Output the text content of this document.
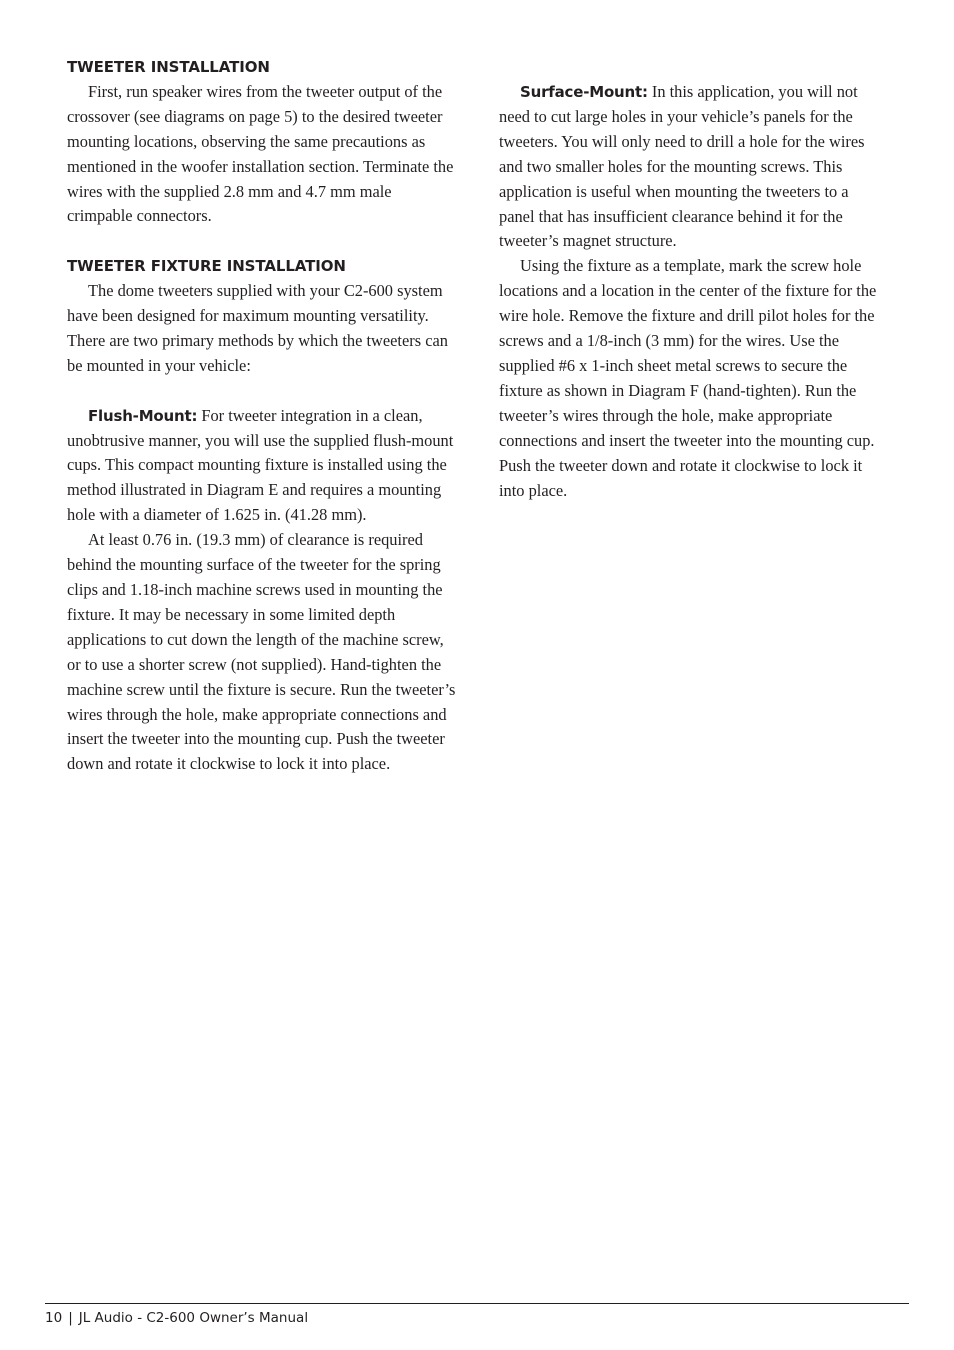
TWEETER INSTALLATION

First, run speaker wires from the tweeter output of the crossover (see diagrams on page 5) to the desired tweeter mounting locations, observing the same precautions as mentioned in the woofer installation section. Terminate the wires with the supplied 2.8 mm and 4.7 mm male crimpable connectors.

TWEETER FIXTURE INSTALLATION

The dome tweeters supplied with your C2-600 system have been designed for maximum mounting versatility. There are two primary methods by which the tweeters can be mounted in your vehicle:

Flush-Mount: For tweeter integration in a clean, unobtrusive manner, you will use the supplied flush-mount cups. This compact mounting fixture is installed using the method illustrated in Diagram E and requires a mounting hole with a diameter of 1.625 in. (41.28 mm).

At least 0.76 in. (19.3 mm) of clearance is required behind the mounting surface of the tweeter for the spring clips and 1.18-inch machine screws used in mounting the fixture. It may be necessary in some limited depth applications to cut down the length of the machine screw, or to use a shorter screw (not supplied). Hand-tighten the machine screw until the fixture is secure. Run the tweeter’s wires through the hole, make appropriate connections and insert the tweeter into the mounting cup. Push the tweeter down and rotate it clockwise to lock it into place.

Surface-Mount: In this application, you will not need to cut large holes in your vehicle’s panels for the tweeters. You will only need to drill a hole for the wires and two smaller holes for the mounting screws. This application is useful when mounting the tweeters to a panel that has insufficient clearance behind it for the tweeter’s magnet structure.

Using the fixture as a template, mark the screw hole locations and a location in the center of the fixture for the wire hole. Remove the fixture and drill pilot holes for the screws and a 1/8-inch (3 mm) for the wires. Use the supplied #6 x 1-inch sheet metal screws to secure the fixture as shown in Diagram F (hand-tighten). Run the tweeter’s wires through the hole, make appropriate connections and insert the tweeter into the mounting cup. Push the tweeter down and rotate it clockwise to lock it into place.

10 | JL Audio - C2-600 Owner’s Manual
